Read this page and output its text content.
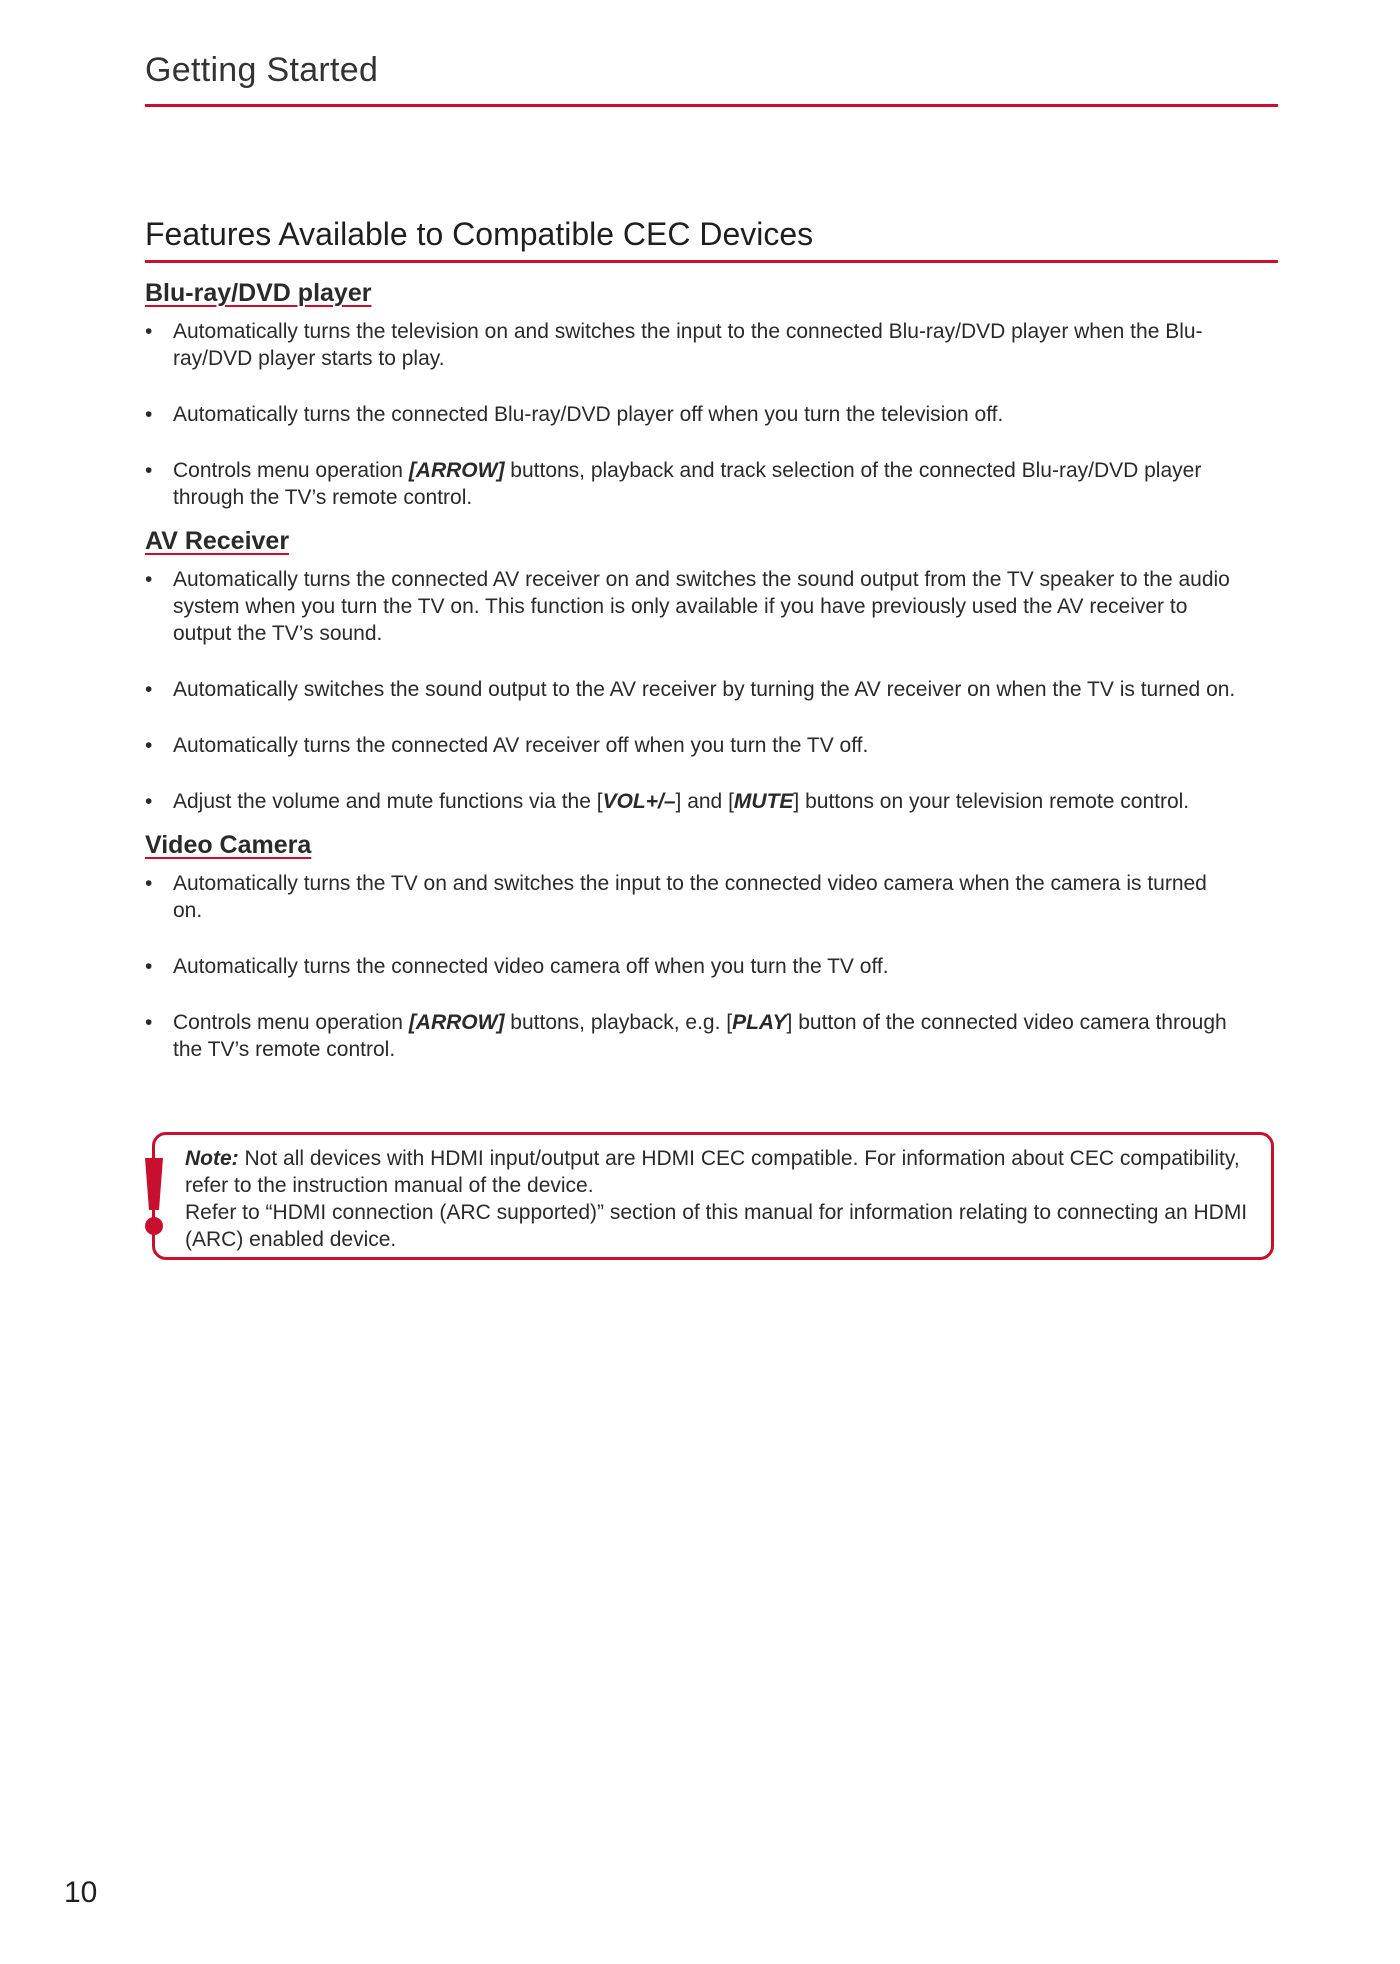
Getting Started
Features Available to Compatible CEC Devices
Blu-ray/DVD player
• Automatically turns the television on and switches the input to the connected Blu-ray/DVD player when the Blu-ray/DVD player starts to play.
• Automatically turns the connected Blu-ray/DVD player off when you turn the television off.
• Controls menu operation [ARROW] buttons, playback and track selection of the connected Blu-ray/DVD player through the TV’s remote control.
AV Receiver
• Automatically turns the connected AV receiver on and switches the sound output from the TV speaker to the audio system when you turn the TV on. This function is only available if you have previously used the AV receiver to output the TV’s sound.
• Automatically switches the sound output to the AV receiver by turning the AV receiver on when the TV is turned on.
• Automatically turns the connected AV receiver off when you turn the TV off.
• Adjust the volume and mute functions via the [VOL+/–] and [MUTE] buttons on your television remote control.
Video Camera
• Automatically turns the TV on and switches the input to the connected video camera when the camera is turned on.
• Automatically turns the connected video camera off when you turn the TV off.
• Controls menu operation [ARROW] buttons, playback, e.g. [PLAY] button of the connected video camera through the TV’s remote control.
Note: Not all devices with HDMI input/output are HDMI CEC compatible. For information about CEC compatibility, refer to the instruction manual of the device.
Refer to “HDMI connection (ARC supported)” section of this manual for information relating to connecting an HDMI (ARC) enabled device.
10
